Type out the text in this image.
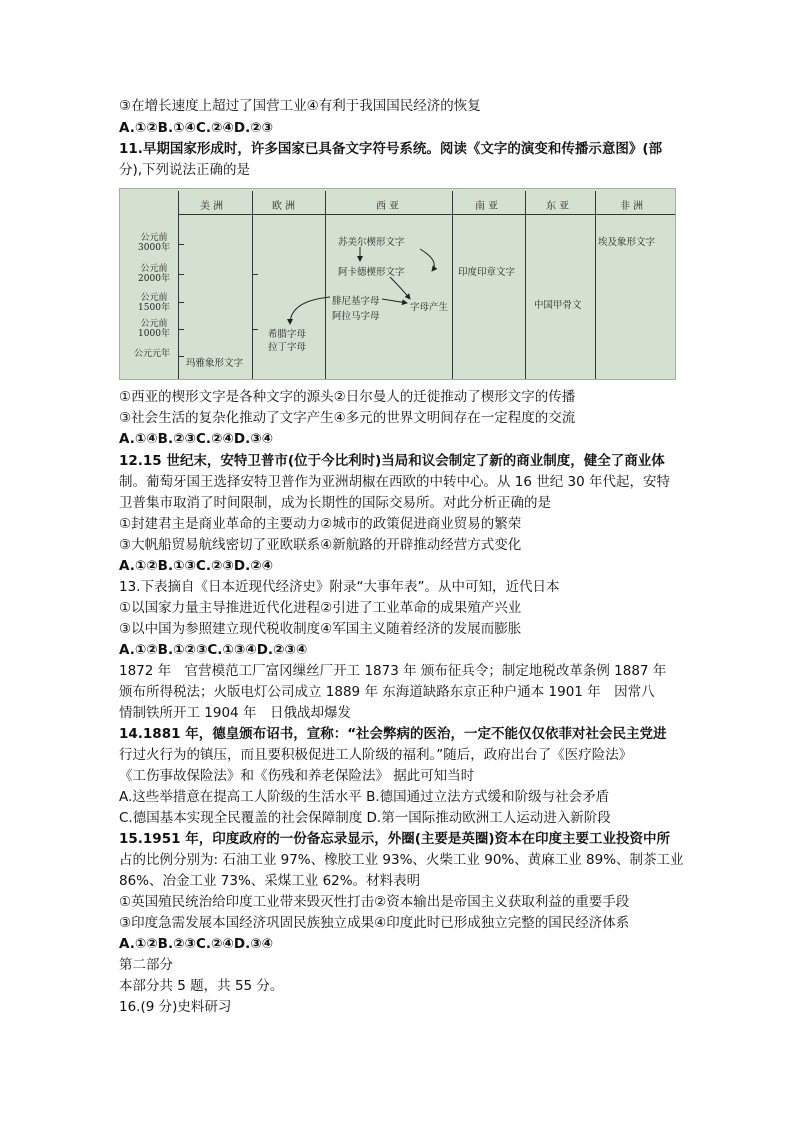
③在增长速度上超过了国营工业④有利于我国国民经济的恢复
A.①②B.①④C.②④D.②③
11.早期国家形成时，许多国家已具备文字符号系统。阅读《文字的演变和传播示意图》(部
分),下列说法正确的是
美洲	欧洲	西亚	南亚	东亚	非洲
公元前
3000年
公元前
2000年
公元前
1500年
公元前
1000年
公元元年
苏美尔楔形文字
阿卡德楔形文字
腓尼基字母
阿拉马字母
字母产生
希腊字母
拉丁字母
玛雅象形文字
印度印章文字
中国甲骨文
埃及象形文字
①西亚的楔形文字是各种文字的源头②日尔曼人的迁徙推动了楔形文字的传播
③社会生活的复杂化推动了文字产生④多元的世界文明间存在一定程度的交流
A.①④B.②③C.②④D.③④
12.15 世纪末，安特卫普市(位于今比利时)当局和议会制定了新的商业制度，健全了商业体
制。葡萄牙国王选择安特卫普作为亚洲胡椒在西欧的中转中心。从 16 世纪 30 年代起，安特
卫普集市取消了时间限制，成为长期性的国际交易所。对此分析正确的是
①封建君主是商业革命的主要动力②城市的政策促进商业贸易的繁荣
③大帆船贸易航线密切了亚欧联系④新航路的开辟推动经营方式变化
A.①②B.①③C.②③D.②④
13.下表摘自《日本近现代经济史》附录“大事年表”。从中可知，近代日本
①以国家力量主导推进近代化进程②引进了工业革命的成果殖产兴业
③以中国为参照建立现代税收制度④军国主义随着经济的发展而膨胀
A.①②B.①②③C.①③④D.②③④
1872 年　官营模范工厂富冈缫丝厂开工 1873 年 颁布征兵令；制定地税改革条例 1887 年
颁布所得税法；火版电灯公司成立 1889 年 东海道缺路东京正种户通本 1901 年　因常八
情制铁所开工 1904 年　日俄战却爆发
14.1881 年，德皇颁布诏书，宣称：“社会弊病的医治，一定不能仅仅依菲对社会民主党进
行过火行为的镇压，而且要积极促进工人阶级的福利。”随后，政府岀台了《医疗险法》
《工伤事故保险法》和《伤残和养老保险法》 据此可知当时
A.这些举措意在提高工人阶级的生活水平 B.德国通过立法方式缓和阶级与社会矛盾
C.德国基本实现全民覆盖的社会保障制度 D.第一国际推动欧洲工人运动进入新阶段
15.1951 年，印度政府的一份备忘录显示，外圈(主要是英圈)资本在印度主要工业投资中所
占的比例分别为: 石油工业 97%、橡胶工业 93%、火柴工业 90%、黄麻工业 89%、制茶工业
86%、冶金工业 73%、采煤工业 62%。材料表明
①英国殖民统治给印度工业带来毁灭性打击②资本输出是帝国主义获取利益的重要手段
③印度急需发展本国经济巩固民族独立成果④印度此时已形成独立完整的国民经济体系
A.①②B.②③C.②④D.③④
第二部分
本部分共 5 题，共 55 分。
16.(9 分)史料研习
